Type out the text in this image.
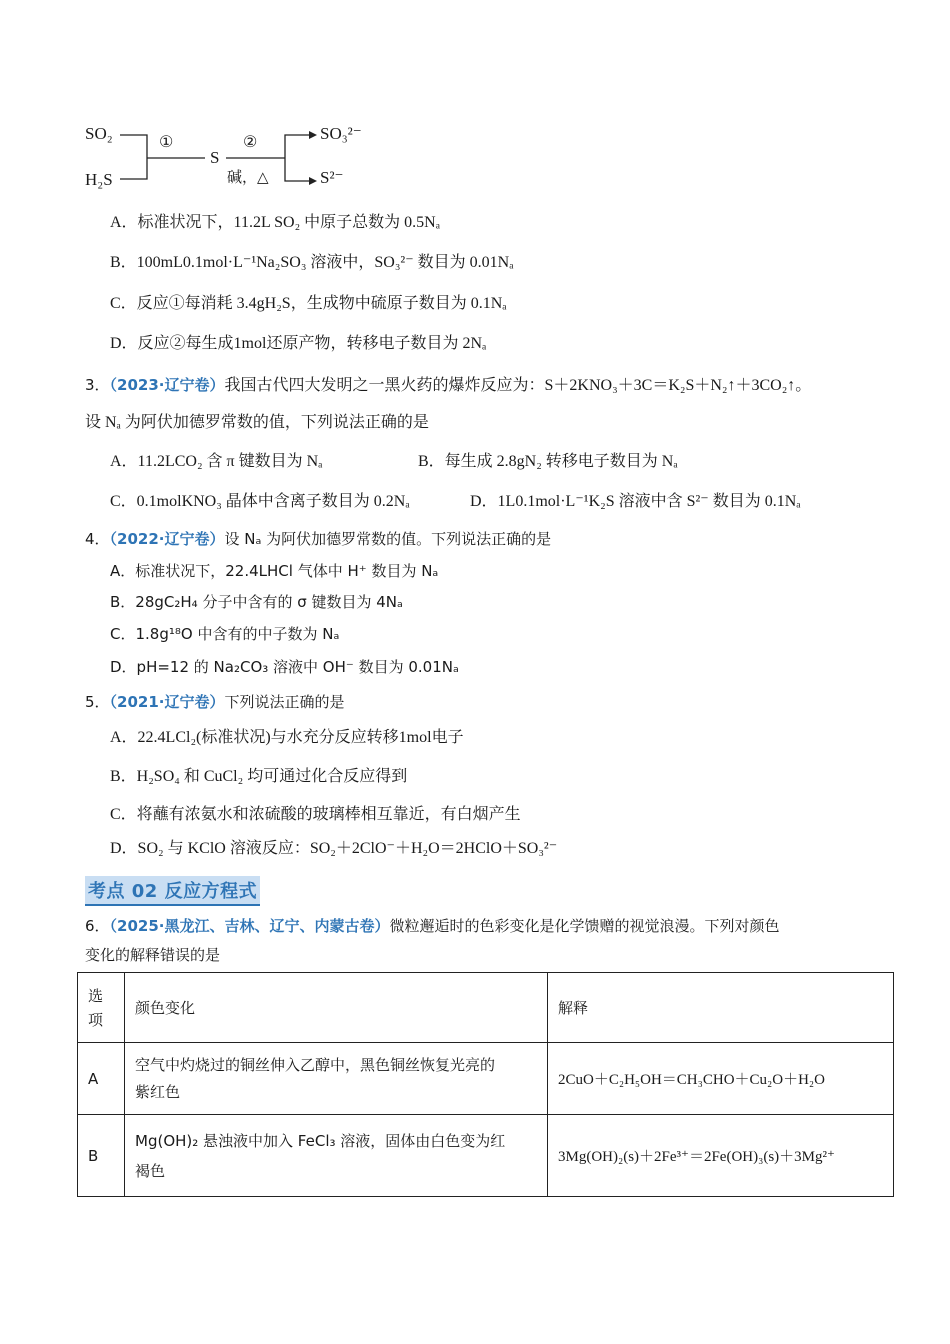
SO₂
H₂S
①
S
②
碱，△
SO₃²⁻
S²⁻
A．标准状况下，11.2L SO₂ 中原子总数为 0.5Nₐ
B．100mL0.1mol·L⁻¹Na₂SO₃ 溶液中，SO₃²⁻ 数目为 0.01Nₐ
C．反应①每消耗 3.4gH₂S，生成物中硫原子数目为 0.1Nₐ
D．反应②每生成1mol还原产物，转移电子数目为 2Nₐ
3．（2023·辽宁卷）我国古代四大发明之一黑火药的爆炸反应为：S＋2KNO₃＋3C＝K₂S＋N₂↑＋3CO₂↑。
设 Nₐ 为阿伏加德罗常数的值，下列说法正确的是
A．11.2LCO₂ 含 π 键数目为 Nₐ	B．每生成 2.8gN₂ 转移电子数目为 Nₐ
C．0.1molKNO₃ 晶体中含离子数目为 0.2Nₐ	D．1L0.1mol·L⁻¹K₂S 溶液中含 S²⁻ 数目为 0.1Nₐ
4．（2022·辽宁卷）设 Nₐ 为阿伏加德罗常数的值。下列说法正确的是
A．标准状况下，22.4LHCl 气体中 H⁺ 数目为 Nₐ
B．28gC₂H₄ 分子中含有的 σ 键数目为 4Nₐ
C．1.8g¹⁸O 中含有的中子数为 Nₐ
D．pH=12 的 Na₂CO₃ 溶液中 OH⁻ 数目为 0.01Nₐ
5．（2021·辽宁卷）下列说法正确的是
A．22.4LCl₂(标准状况)与水充分反应转移1mol电子
B．H₂SO₄ 和 CuCl₂ 均可通过化合反应得到
C．将蘸有浓氨水和浓硫酸的玻璃棒相互靠近，有白烟产生
D．SO₂ 与 KClO 溶液反应：SO₂＋2ClO⁻＋H₂O＝2HClO＋SO₃²⁻
考点 02 反应方程式
6．（2025·黑龙江、吉林、辽宁、内蒙古卷）微粒邂逅时的色彩变化是化学馈赠的视觉浪漫。下列对颜色
变化的解释错误的是
选项	颜色变化	解释
A	空气中灼烧过的铜丝伸入乙醇中，黑色铜丝恢复光亮的
紫红色	2CuO＋C₂H₅OH＝CH₃CHO＋Cu₂O＋H₂O
B	Mg(OH)₂ 悬浊液中加入 FeCl₃ 溶液，固体由白色变为红
褐色	3Mg(OH)₂(s)＋2Fe³⁺＝2Fe(OH)₃(s)＋3Mg²⁺
